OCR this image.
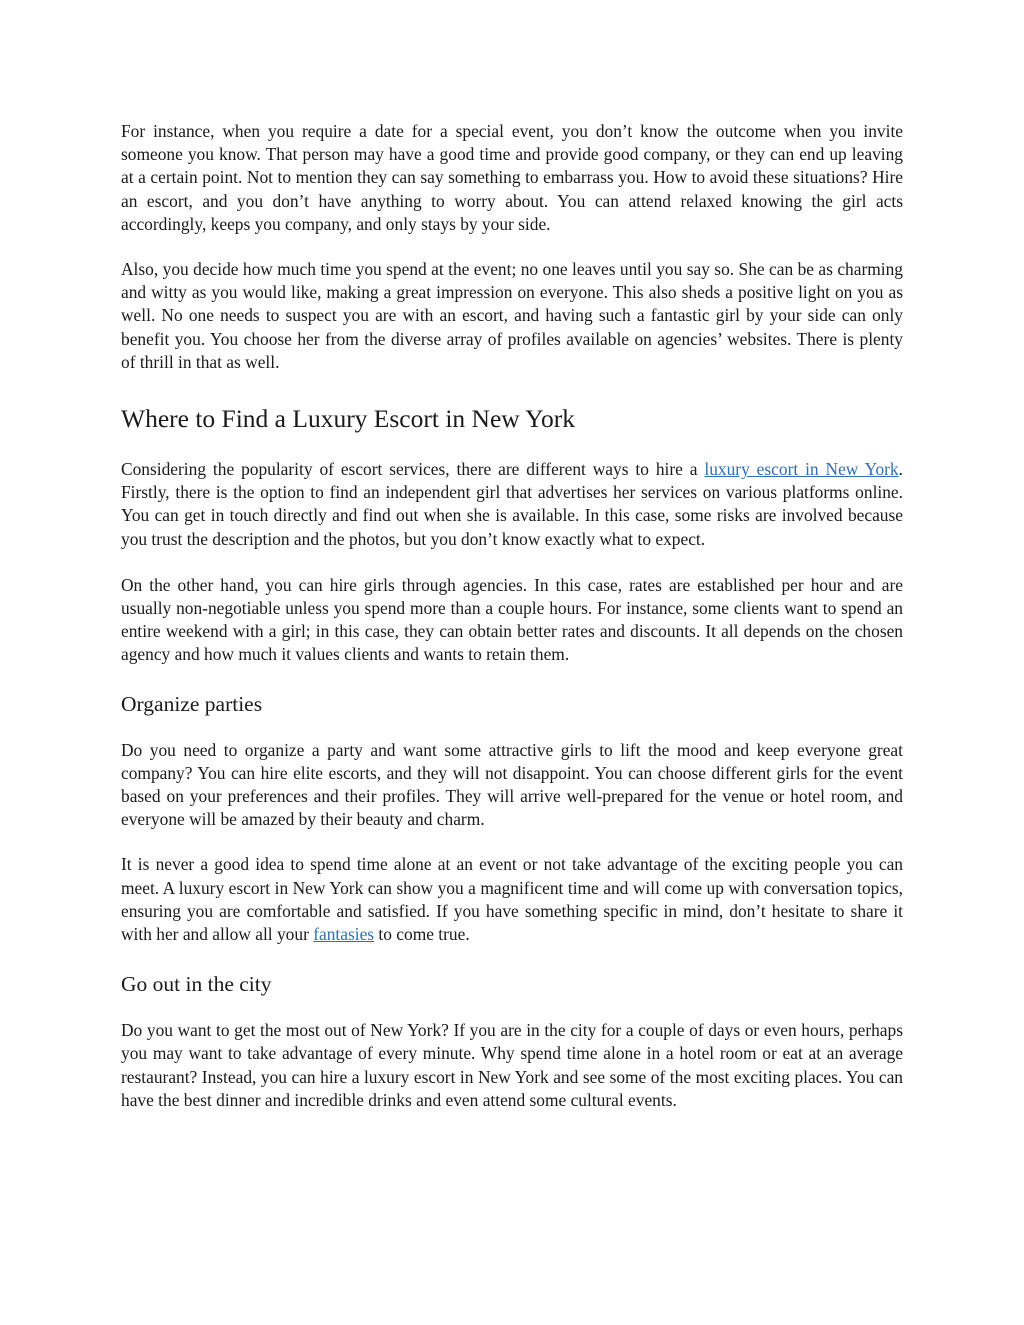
For instance, when you require a date for a special event, you don’t know the outcome when you invite someone you know. That person may have a good time and provide good company, or they can end up leaving at a certain point. Not to mention they can say something to embarrass you. How to avoid these situations? Hire an escort, and you don’t have anything to worry about. You can attend relaxed knowing the girl acts accordingly, keeps you company, and only stays by your side.

Also, you decide how much time you spend at the event; no one leaves until you say so. She can be as charming and witty as you would like, making a great impression on everyone. This also sheds a positive light on you as well. No one needs to suspect you are with an escort, and having such a fantastic girl by your side can only benefit you. You choose her from the diverse array of profiles available on agencies’ websites. There is plenty of thrill in that as well.

Where to Find a Luxury Escort in New York

Considering the popularity of escort services, there are different ways to hire a luxury escort in New York. Firstly, there is the option to find an independent girl that advertises her services on various platforms online. You can get in touch directly and find out when she is available. In this case, some risks are involved because you trust the description and the photos, but you don’t know exactly what to expect.

On the other hand, you can hire girls through agencies. In this case, rates are established per hour and are usually non-negotiable unless you spend more than a couple hours. For instance, some clients want to spend an entire weekend with a girl; in this case, they can obtain better rates and discounts. It all depends on the chosen agency and how much it values clients and wants to retain them.

Organize parties

Do you need to organize a party and want some attractive girls to lift the mood and keep everyone great company? You can hire elite escorts, and they will not disappoint. You can choose different girls for the event based on your preferences and their profiles. They will arrive well-prepared for the venue or hotel room, and everyone will be amazed by their beauty and charm.

It is never a good idea to spend time alone at an event or not take advantage of the exciting people you can meet. A luxury escort in New York can show you a magnificent time and will come up with conversation topics, ensuring you are comfortable and satisfied. If you have something specific in mind, don’t hesitate to share it with her and allow all your fantasies to come true.

Go out in the city

Do you want to get the most out of New York? If you are in the city for a couple of days or even hours, perhaps you may want to take advantage of every minute. Why spend time alone in a hotel room or eat at an average restaurant? Instead, you can hire a luxury escort in New York and see some of the most exciting places. You can have the best dinner and incredible drinks and even attend some cultural events.
